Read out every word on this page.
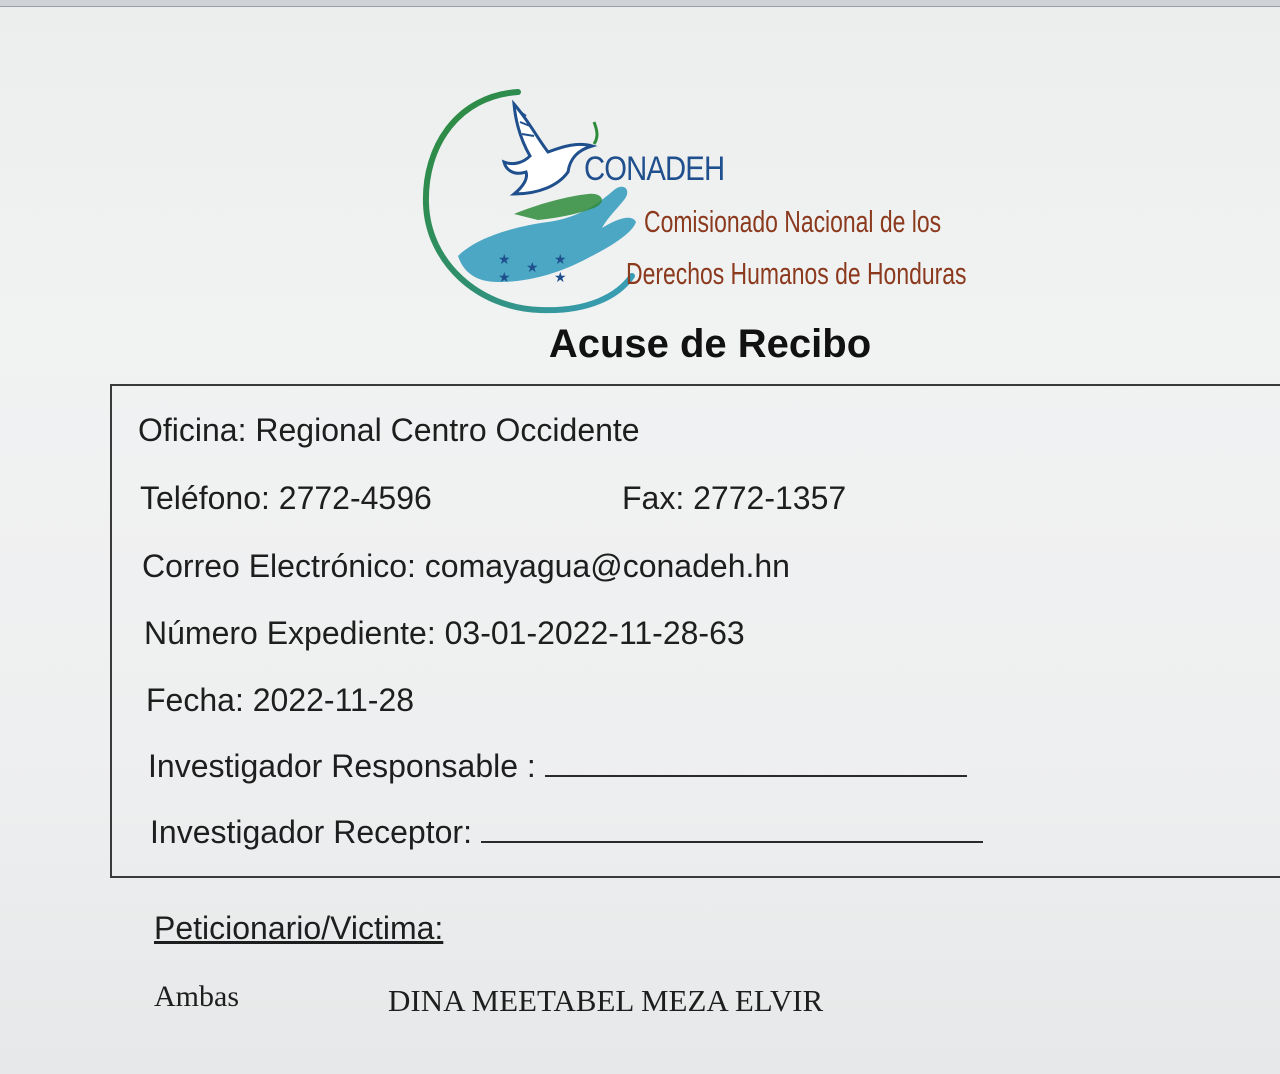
★ ★ ★
★	★
CONADEH
Comisionado Nacional de los
Derechos Humanos de Honduras
Acuse de Recibo
Oficina: Regional Centro Occidente
Teléfono: 2772-4596	Fax: 2772-1357
Correo Electrónico: comayagua@conadeh.hn
Número Expediente: 03-01-2022-11-28-63
Fecha: 2022-11-28
Investigador Responsable :
Investigador Receptor:
Peticionario/Victima:
Ambas	DINA MEETABEL MEZA ELVIR
